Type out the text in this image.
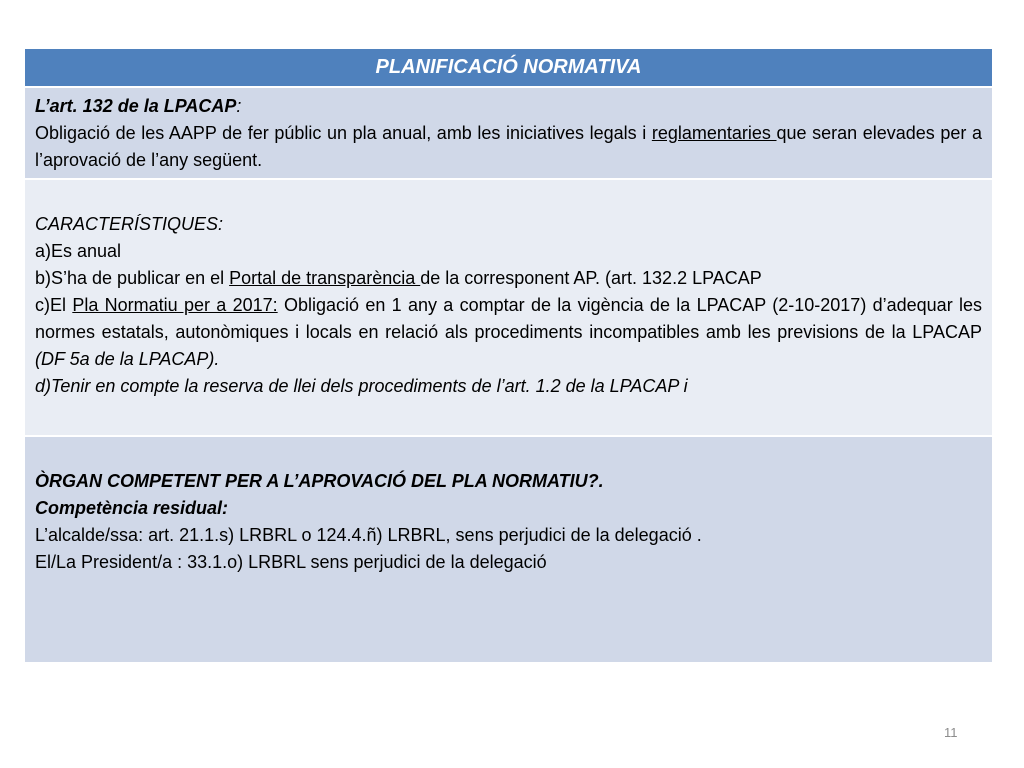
PLANIFICACIÓ NORMATIVA
L’art. 132 de la LPACAP:
Obligació de les AAPP de fer públic un pla anual, amb les iniciatives legals i reglamentaries que seran elevades per a l’aprovació de l’any següent.
CARACTERÍSTIQUES:
a)Es anual
b)S’ha de publicar en el Portal de transparència de la corresponent AP. (art. 132.2 LPACAP
c)El Pla Normatiu per a 2017: Obligació en 1 any a comptar de la vigència de la LPACAP (2-10-2017) d’adequar les normes estatals, autonòmiques i locals en relació als procediments incompatibles amb les previsions de la LPACAP (DF 5a de la LPACAP).
d)Tenir en compte la reserva de llei dels procediments de l’art. 1.2 de la LPACAP i
ÒRGAN COMPETENT PER A L’APROVACIÓ DEL PLA NORMATIU?.
Competència residual:
L’alcalde/ssa: art. 21.1.s) LRBRL o 124.4.ñ) LRBRL, sens perjudici de la delegació .
El/La President/a : 33.1.o) LRBRL sens perjudici de la delegació
11
